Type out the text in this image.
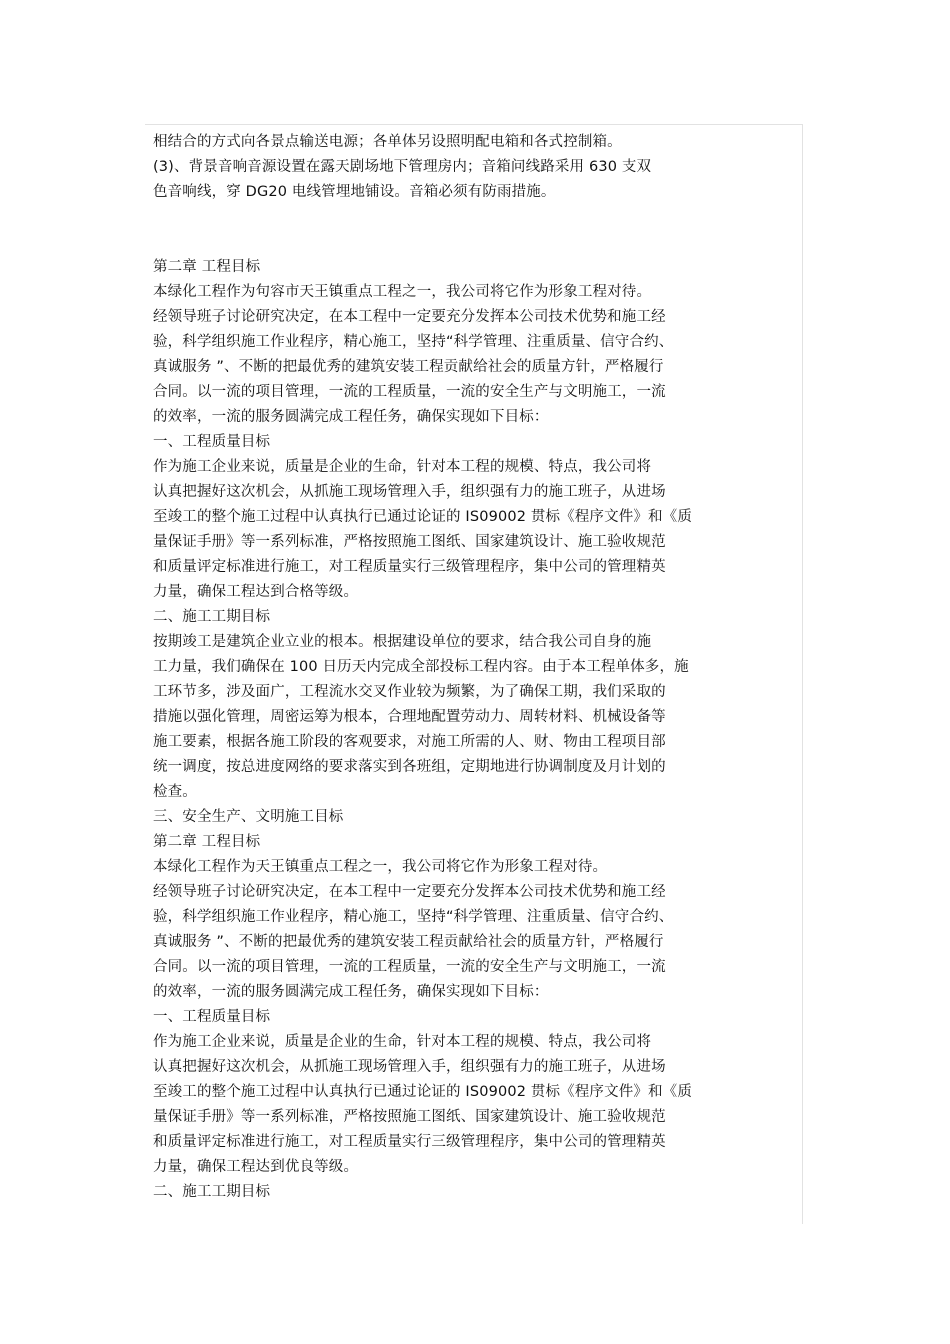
相结合的方式向各景点输送电源；各单体另设照明配电箱和各式控制箱。
(3)、背景音响音源设置在露天剧场地下管理房内；音箱问线路采用 630 支双
色音响线，穿 DG20 电线管埋地铺设。音箱必须有防雨措施。
第二章 工程目标
本绿化工程作为句容市天王镇重点工程之一，我公司将它作为形象工程对待。
经领导班子讨论研究决定，在本工程中一定要充分发挥本公司技术优势和施工经
验，科学组织施工作业程序，精心施工，坚持“科学管理、注重质量、信守合约、
真诚服务 ”、不断的把最优秀的建筑安装工程贡献给社会的质量方针，严格履行
合同。以一流的项目管理，一流的工程质量，一流的安全生产与文明施工，一流
的效率，一流的服务圆满完成工程任务，确保实现如下目标：
一、工程质量目标
作为施工企业来说，质量是企业的生命，针对本工程的规模、特点，我公司将
认真把握好这次机会，从抓施工现场管理入手，组织强有力的施工班子，从进场
至竣工的整个施工过程中认真执行已通过论证的 IS09002 贯标《程序文件》和《质
量保证手册》等一系列标准，严格按照施工图纸、国家建筑设计、施工验收规范
和质量评定标准进行施工，对工程质量实行三级管理程序，集中公司的管理精英
力量，确保工程达到合格等级。
二、施工工期目标
按期竣工是建筑企业立业的根本。根据建设单位的要求，结合我公司自身的施
工力量，我们确保在 100 日历天内完成全部投标工程内容。由于本工程单体多，施
工环节多，涉及面广，工程流水交叉作业较为频繁，为了确保工期，我们采取的
措施以强化管理，周密运筹为根本，合理地配置劳动力、周转材料、机械设备等
施工要素，根据各施工阶段的客观要求，对施工所需的人、财、物由工程项目部
统一调度，按总进度网络的要求落实到各班组，定期地进行协调制度及月计划的
检查。
三、安全生产、文明施工目标
第二章 工程目标
本绿化工程作为天王镇重点工程之一，我公司将它作为形象工程对待。
经领导班子讨论研究决定，在本工程中一定要充分发挥本公司技术优势和施工经
验，科学组织施工作业程序，精心施工，坚持“科学管理、注重质量、信守合约、
真诚服务 ”、不断的把最优秀的建筑安装工程贡献给社会的质量方针，严格履行
合同。以一流的项目管理，一流的工程质量，一流的安全生产与文明施工，一流
的效率，一流的服务圆满完成工程任务，确保实现如下目标：
一、工程质量目标
作为施工企业来说，质量是企业的生命，针对本工程的规模、特点，我公司将
认真把握好这次机会，从抓施工现场管理入手，组织强有力的施工班子，从进场
至竣工的整个施工过程中认真执行已通过论证的 IS09002 贯标《程序文件》和《质
量保证手册》等一系列标准，严格按照施工图纸、国家建筑设计、施工验收规范
和质量评定标准进行施工，对工程质量实行三级管理程序，集中公司的管理精英
力量，确保工程达到优良等级。
二、施工工期目标
